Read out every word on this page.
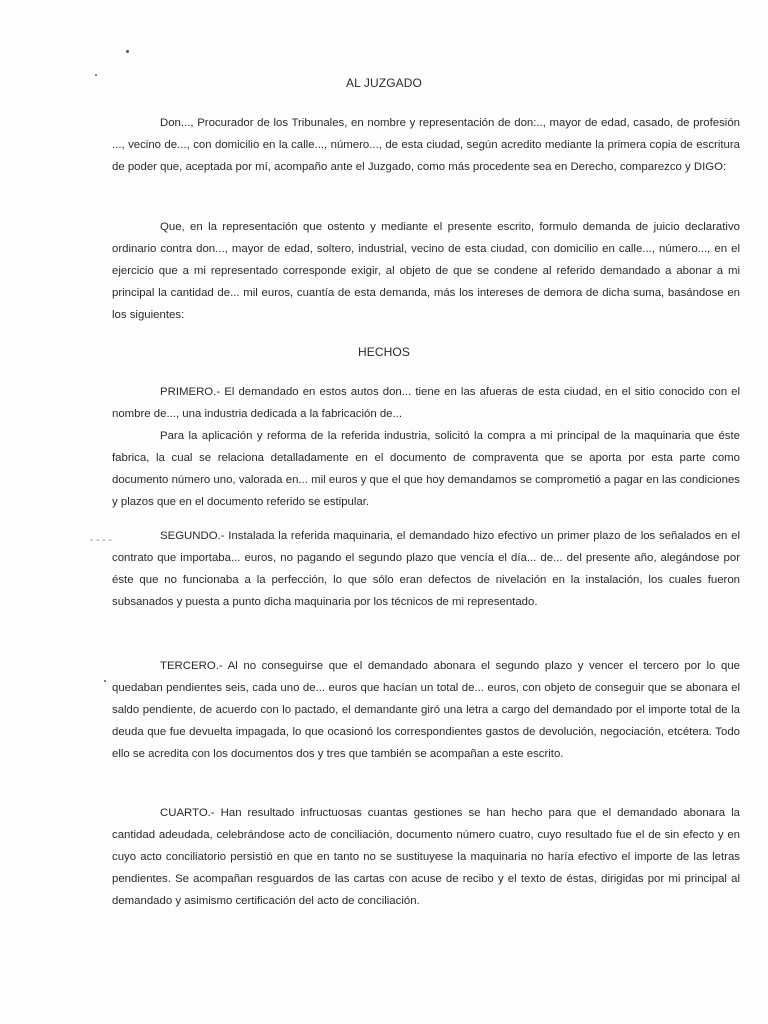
- - - -
AL JUZGADO

Don..., Procurador de los Tribunales, en nombre y representación de don:.., mayor de edad, casado, de profesión ..., vecino de..., con domicilio en la calle..., número..., de esta ciudad, según acredito mediante la primera copia de escritura de poder que, aceptada por mí, acompaño ante el Juzgado, como más procedente sea en Derecho, comparezco y DIGO:

Que, en la representación que ostento y mediante el presente escrito, formulo demanda de juicio declarativo ordinario contra don..., mayor de edad, soltero, industrial, vecino de esta ciudad, con domicilio en calle..., número..., en el ejercicio que a mi representado corresponde exigir, al objeto de que se condene al referido demandado a abonar a mi principal la cantidad de... mil euros, cuantía de esta demanda, más los intereses de demora de dicha suma, basándose en los siguientes:

HECHOS

PRIMERO.- El demandado en estos autos don... tiene en las afueras de esta ciudad, en el sitio conocido con el nombre de..., una industria dedicada a la fabricación de...

Para la aplicación y reforma de la referida industria, solicitó la compra a mi principal de la maquinaria que éste fabrica, la cual se relaciona detalladamente en el documento de compraventa que se aporta por esta parte como documento número uno, valorada en... mil euros y que el que hoy demandamos se comprometió a pagar en las condiciones y plazos que en el documento referido se estipular.

SEGUNDO.- Instalada la referida maquinaria, el demandado hizo efectivo un primer plazo de los señalados en el contrato que importaba... euros, no pagando el segundo plazo que vencía el día... de... del presente año, alegándose por éste que no funcionaba a la perfección, lo que sólo eran defectos de nivelación en la instalación, los cuales fueron subsanados y puesta a punto dicha maquinaria por los técnicos de mi representado.

TERCERO.- Al no conseguirse que el demandado abonara el segundo plazo y vencer el tercero por lo que quedaban pendientes seis, cada uno de... euros que hacían un total de... euros, con objeto de conseguir que se abonara el saldo pendiente, de acuerdo con lo pactado, el demandante giró una letra a cargo del demandado por el importe total de la deuda que fue devuelta impagada, lo que ocasionó los correspondientes gastos de devolución, negociación, etcétera. Todo ello se acredita con los documentos dos y tres que también se acompañan a este escrito.

CUARTO.- Han resultado infructuosas cuantas gestiones se han hecho para que el demandado abonara la cantidad adeudada, celebrándose acto de conciliación, documento número cuatro, cuyo resultado fue el de sin efecto y en cuyo acto conciliatorio persistió en que en tanto no se sustituyese la maquinaria no haría efectivo el importe de las letras pendientes. Se acompañan resguardos de las cartas con acuse de recibo y el texto de éstas, dirigidas por mi principal al demandado y asimismo certificación del acto de conciliación.
